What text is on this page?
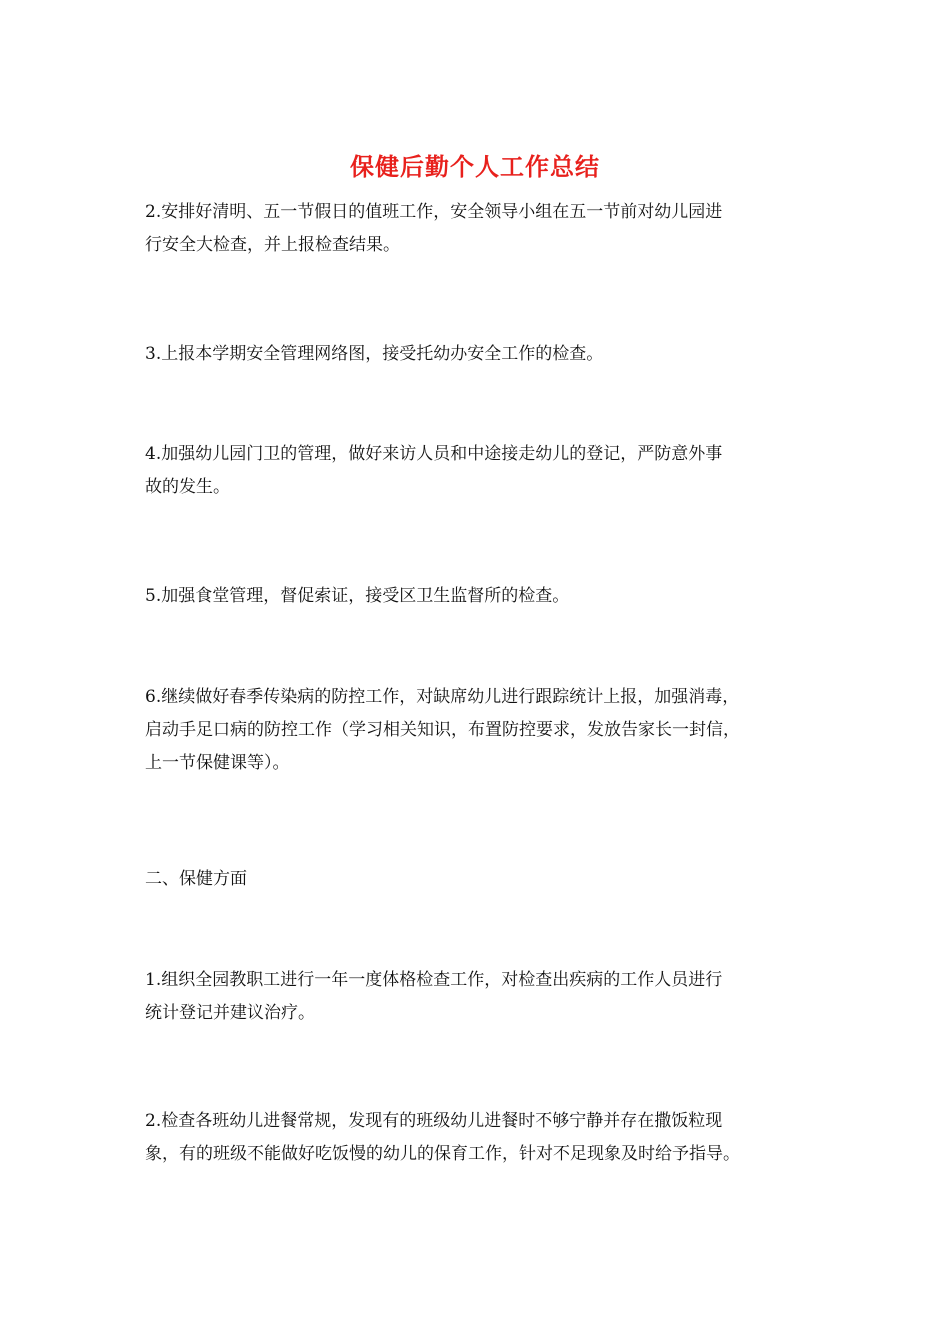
保健后勤个人工作总结
2.安排好清明、五一节假日的值班工作，安全领导小组在五一节前对幼儿园进
行安全大检查，并上报检查结果。
3.上报本学期安全管理网络图，接受托幼办安全工作的检查。
4.加强幼儿园门卫的管理，做好来访人员和中途接走幼儿的登记，严防意外事
故的发生。
5.加强食堂管理，督促索证，接受区卫生监督所的检查。
6.继续做好春季传染病的防控工作，对缺席幼儿进行跟踪统计上报，加强消毒，
启动手足口病的防控工作（学习相关知识，布置防控要求，发放告家长一封信，
上一节保健课等）。
二、保健方面
1.组织全园教职工进行一年一度体格检查工作，对检查出疾病的工作人员进行
统计登记并建议治疗。
2.检查各班幼儿进餐常规，发现有的班级幼儿进餐时不够宁静并存在撒饭粒现
象，有的班级不能做好吃饭慢的幼儿的保育工作，针对不足现象及时给予指导。
